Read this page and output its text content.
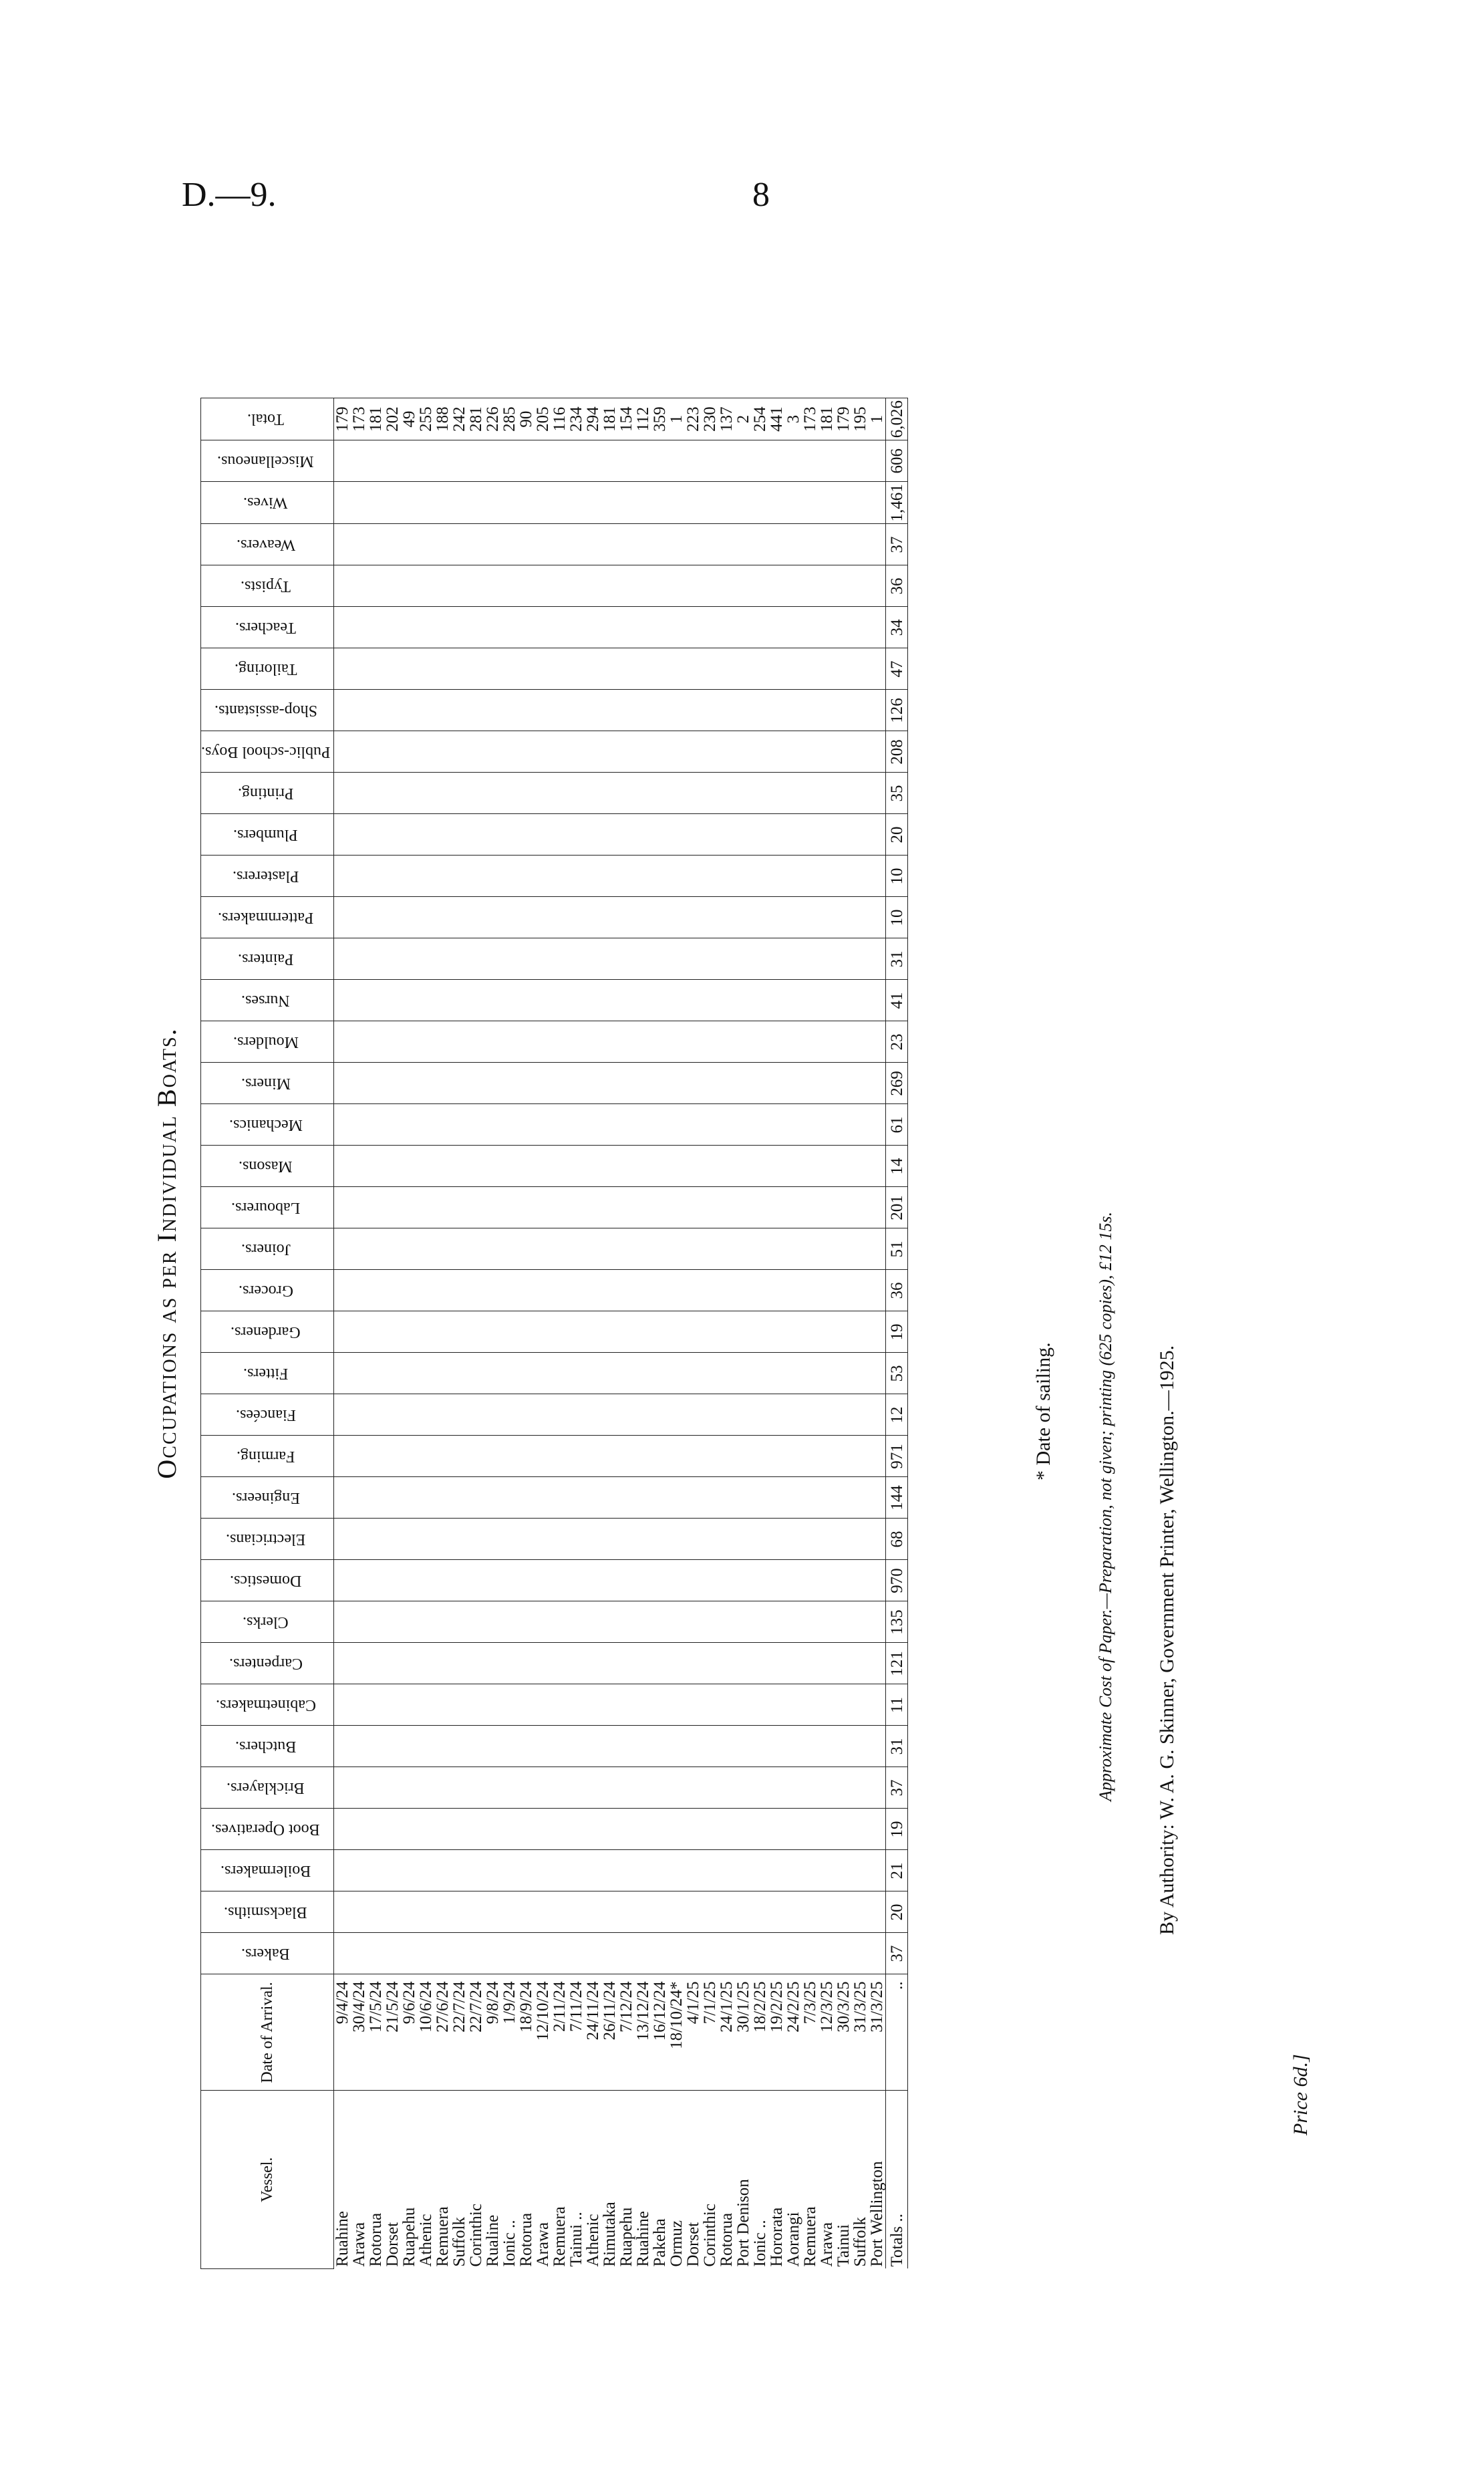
D.—9.	8
Occupations as per Individual Boats.
Vessel.	Date of Arrival.	Bakers.	Blacksmiths.	Boilermakers.	Boot Operatives.	Bricklayers.	Butchers.	Cabinetmakers.	Carpenters.	Clerks.	Domestics.	Electricians.	Engineers.	Farming.	Fiancées.	Fitters.	Gardeners.	Grocers.	Joiners.	Labourers.	Masons.	Mechanics.	Miners.	Moulders.	Nurses.	Painters.	Patternmakers.	Plasterers.	Plumbers.	Printing.	Public-school Boys.	Shop-assistants.	Tailoring.	Teachers.	Typists.	Weavers.	Wives.	Miscellaneous.	Total.
Ruahine	9/4/24																																						179
Arawa	30/4/24																																						173
Rotorua	17/5/24																																						181
Dorset	21/5/24																																						202
Ruapehu	9/6/24																																						49
Athenic	10/6/24																																						255
Remuera	27/6/24																																						188
Suffolk	22/7/24																																						242
Corinthic	22/7/24																																						281
Rualine	9/8/24																																						226
Ionic ..	1/9/24																																						285
Rotorua	18/9/24																																						90
Arawa	12/10/24																																						205
Remuera	2/11/24																																						116
Tainui ..	7/11/24																																						234
Athenic	24/11/24																																						294
Rimutaka	26/11/24																																						181
Ruapehu	7/12/24																																						154
Ruahine	13/12/24																																						112
Pakeha	16/12/24																																						359
Ormuz	18/10/24*																																						1
Dorset	4/1/25																																						223
Corinthic	7/1/25																																						230
Rotorua	24/1/25																																						137
Port Denison	30/1/25																																						2
Ionic ..	18/2/25																																						254
Hororata	19/2/25																																						441
Aorangi	24/2/25																																						3
Remuera	7/3/25																																						173
Arawa	12/3/25																																						181
Tainui	30/3/25																																						179
Suffolk	31/3/25																																						195
Port Wellington	31/3/25																																						1
Totals ..	..	37	20	21	19	37	31	11	121	135	970	68	144	971	12	53	19	36	51	201	14	61	269	23	41	31	10	10	20	35	208	126	47	34	36	37	1,461	606	6,026
* Date of sailing. Approximate Cost of Paper.—Preparation, not given; printing (625 copies), £12 15s. By Authority: W. A. G. Skinner, Government Printer, Wellington.—1925.
Price 6d.]
